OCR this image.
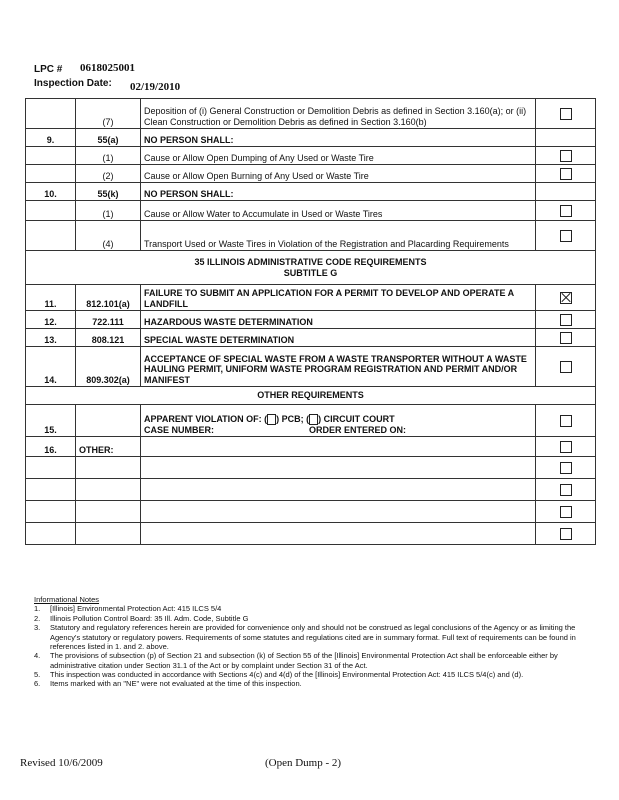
LPC # 0618025001
Inspection Date: 02/19/2010
	(7)	Deposition of (i) General Construction or Demolition Debris as defined in Section 3.160(a); or (ii) Clean Construction or Demolition Debris as defined in Section 3.160(b)	
9.	55(a)	NO PERSON SHALL:	
	(1)	Cause or Allow Open Dumping of Any Used or Waste Tire	
	(2)	Cause or Allow Open Burning of Any Used or Waste Tire	
10.	55(k)	NO PERSON SHALL:	
	(1)	Cause or Allow Water to Accumulate in Used or Waste Tires	
	(4)	Transport Used or Waste Tires in Violation of the Registration and Placarding Requirements	

35 ILLINOIS ADMINISTRATIVE CODE REQUIREMENTS
SUBTITLE G			

11.	812.101(a)	FAILURE TO SUBMIT AN APPLICATION FOR A PERMIT TO DEVELOP AND OPERATE A LANDFILL	
12.	722.111	HAZARDOUS WASTE DETERMINATION	
13.	808.121	SPECIAL WASTE DETERMINATION	
14.	809.302(a)	ACCEPTANCE OF SPECIAL WASTE FROM A WASTE TRANSPORTER WITHOUT A WASTE HAULING PERMIT, UNIFORM WASTE PROGRAM REGISTRATION AND PERMIT AND/OR MANIFEST	
OTHER REQUIREMENTS			
15.		APPARENT VIOLATION OF: ( ) PCB; ( ) CIRCUIT COURT
CASE NUMBER: ORDER ENTERED ON:	

16.	OTHER:		

Informational Notes
1.	[Illinois] Environmental Protection Act: 415 ILCS 5/4
2.	Illinois Pollution Control Board: 35 Ill. Adm. Code, Subtitle G
3.	Statutory and regulatory references herein are provided for convenience only and should not be construed as legal conclusions of the Agency or as limiting the Agency's statutory or regulatory powers. Requirements of some statutes and regulations cited are in summary format. Full text of requirements can be found in references listed in 1. and 2. above.
4.	The provisions of subsection (p) of Section 21 and subsection (k) of Section 55 of the [Illinois] Environmental Protection Act shall be enforceable either by administrative citation under Section 31.1 of the Act or by complaint under Section 31 of the Act.
5.	This inspection was conducted in accordance with Sections 4(c) and 4(d) of the [Illinois] Environmental Protection Act: 415 ILCS 5/4(c) and (d).
6.	Items marked with an "NE" were not evaluated at the time of this inspection.
Revised 10/6/2009	(Open Dump - 2)
